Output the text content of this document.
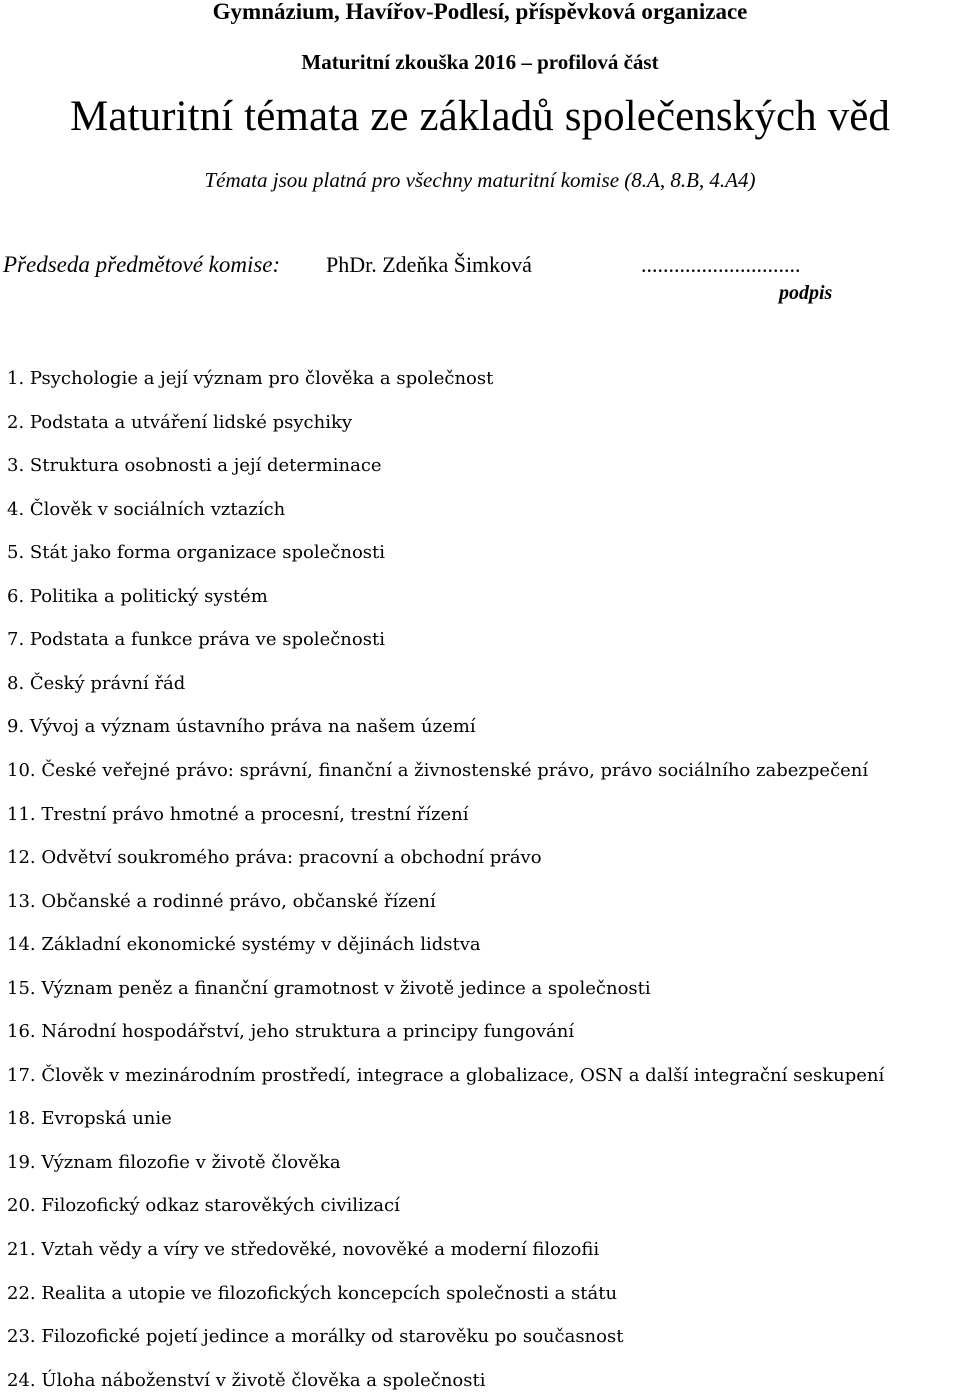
Gymnázium, Havířov-Podlesí, příspěvková organizace
Maturitní zkouška 2016 – profilová část
Maturitní témata ze základů společenských věd
Témata jsou platná pro všechny maturitní komise (8.A, 8.B, 4.A4)
Předseda předmětové komise: PhDr. Zdeňka Šimková	.............................
podpis
1. Psychologie a její význam pro člověka a společnost
2. Podstata a utváření lidské psychiky
3. Struktura osobnosti a její determinace
4. Člověk v sociálních vztazích
5. Stát jako forma organizace společnosti
6. Politika a politický systém
7. Podstata a funkce práva ve společnosti
8. Český právní řád
9. Vývoj a význam ústavního práva na našem území
10. České veřejné právo: správní, finanční a živnostenské právo, právo sociálního zabezpečení
11. Trestní právo hmotné a procesní, trestní řízení
12. Odvětví soukromého práva: pracovní a obchodní právo
13. Občanské a rodinné právo, občanské řízení
14. Základní ekonomické systémy v dějinách lidstva
15. Význam peněz a finanční gramotnost v životě jedince a společnosti
16. Národní hospodářství, jeho struktura a principy fungování
17. Člověk v mezinárodním prostředí, integrace a globalizace, OSN a další integrační seskupení
18. Evropská unie
19. Význam filozofie v životě člověka
20. Filozofický odkaz starověkých civilizací
21. Vztah vědy a víry ve středověké, novověké a moderní filozofii
22. Realita a utopie ve filozofických koncepcích společnosti a státu
23. Filozofické pojetí jedince a morálky od starověku po současnost
24. Úloha náboženství v životě člověka a společnosti
